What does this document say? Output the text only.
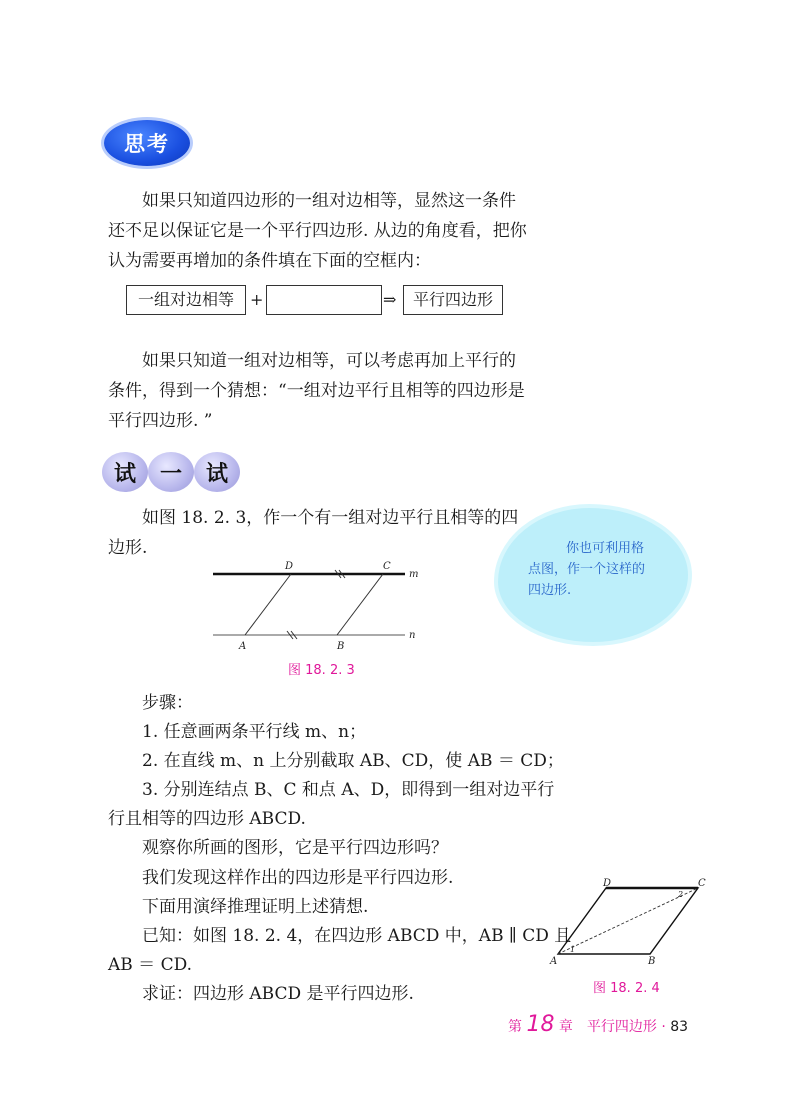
思考
如果只知道四边形的一组对边相等，显然这一条件
还不足以保证它是一个平行四边形. 从边的角度看，把你
认为需要再增加的条件填在下面的空框内：
一组对边相等	+	⇒	平行四边形
如果只知道一组对边相等，可以考虑再加上平行的
条件，得到一个猜想：“一组对边平行且相等的四边形是
平行四边形. ”
试 一 试
如图 18. 2. 3，作一个有一组对边平行且相等的四
边形.	你也可利用格
点图，作一个这样的
四边形.
D	C
A	B
m
n
图 18. 2. 3
步骤：
1. 任意画两条平行线 m、n；
2. 在直线 m、n 上分别截取 AB、CD，使 AB ＝ CD；
3. 分别连结点 B、C 和点 A、D，即得到一组对边平行
行且相等的四边形 ABCD.
观察你所画的图形，它是平行四边形吗？
我们发现这样作出的四边形是平行四边形.
下面用演绎推理证明上述猜想.
已知：如图 18. 2. 4，在四边形 ABCD 中，AB ∥ CD 且
AB ＝ CD.
求证：四边形 ABCD 是平行四边形.
D	C
A	B
1
2
图 18. 2. 4
第 18 章　平行四边形 · 83
